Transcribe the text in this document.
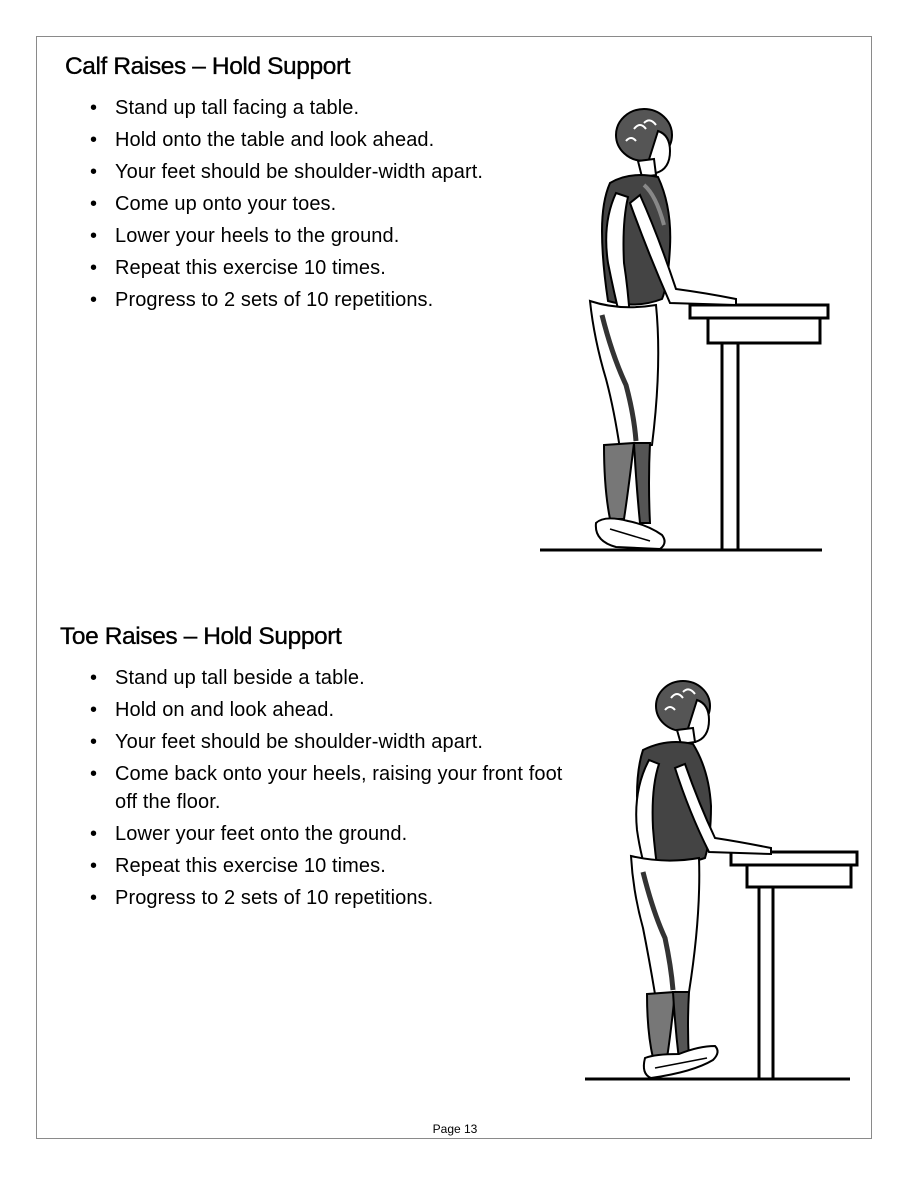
Calf Raises – Hold Support
• Stand up tall facing a table.
• Hold onto the table and look ahead.
• Your feet should be shoulder-width apart.
• Come up onto your toes.
• Lower your heels to the ground.
• Repeat this exercise 10 times.
• Progress to 2 sets of 10 repetitions.
Toe Raises – Hold Support
• Stand up tall beside a table.
• Hold on and look ahead.
• Your feet should be shoulder-width apart.
• Come back onto your heels, raising your front foot off the floor.
• Lower your feet onto the ground.
• Repeat this exercise 10 times.
• Progress to 2 sets of 10 repetitions.
Page 13
